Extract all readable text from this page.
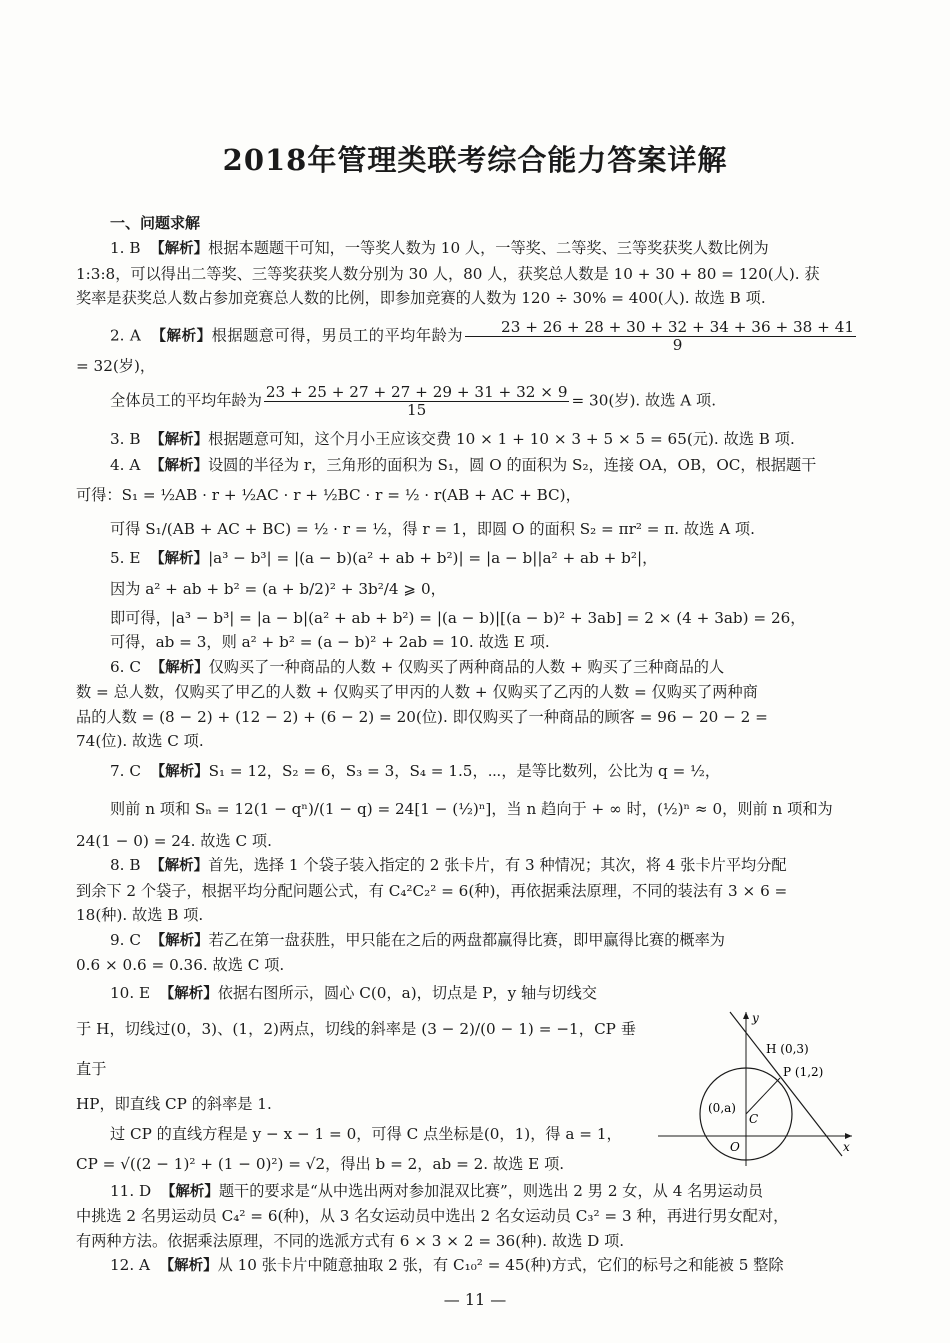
2018年管理类联考综合能力答案详解
一、问题求解

1. B 【解析】根据本题题干可知，一等奖人数为 10 人，一等奖、二等奖、三等奖获奖人数比例为

1:3:8，可以得出二等奖、三等奖获奖人数分别为 30 人，80 人，获奖总人数是 10 + 30 + 80 = 120(人). 获

奖率是获奖总人数占参加竞赛总人数的比例，即参加竞赛的人数为 120 ÷ 30% = 400(人). 故选 B 项.

2. A 【解析】根据题意可得，男员工的平均年龄为 $\frac{23 + 26 + 28 + 30 + 32 + 34 + 36 + 38 + 41}{9}$
= 32(岁)，

全体员工的平均年龄为 $\frac{23 + 25 + 27 + 27 + 29 + 31 + 32 \times 9}{15} = 30$(岁). 故选 A 项.

3. B 【解析】根据题意可知，这个月小王应该交费 10 × 1 + 10 × 3 + 5 × 5 = 65(元). 故选 B 项.

4. A 【解析】设圆的半径为 r，三角形的面积为 S₁，圆 O 的面积为 S₂，连接 OA，OB，OC，根据题干

可得：S₁ = ½AB · r + ½AC · r + ½BC · r = ½ · r(AB + AC + BC)，

可得 S₁/(AB + AC + BC) = ½ · r = ½，得 r = 1，即圆 O 的面积 S₂ = πr² = π. 故选 A 项.

5. E 【解析】|a³ − b³| = |(a − b)(a² + ab + b²)| = |a − b||a² + ab + b²|，

因为 a² + ab + b² = (a + b/2)² + 3b²/4 ⩾ 0，

即可得，|a³ − b³| = |a − b|(a² + ab + b²) = |(a − b)|[(a − b)² + 3ab] = 2 × (4 + 3ab) = 26，

可得，ab = 3，则 a² + b² = (a − b)² + 2ab = 10. 故选 E 项.

6. C 【解析】仅购买了一种商品的人数 + 仅购买了两种商品的人数 + 购买了三种商品的人

数 = 总人数，仅购买了甲乙的人数 + 仅购买了甲丙的人数 + 仅购买了乙丙的人数 = 仅购买了两种商

品的人数 = (8 − 2) + (12 − 2) + (6 − 2) = 20(位). 即仅购买了一种商品的顾客 = 96 − 20 − 2 =

74(位). 故选 C 项.

7. C 【解析】S₁ = 12，S₂ = 6，S₃ = 3，S₄ = 1.5，⋯，是等比数列，公比为 q = ½，

则前 n 项和 Sₙ = 12(1 − qⁿ)/(1 − q) = 24[1 − (½)ⁿ]，当 n 趋向于 + ∞ 时，(½)ⁿ ≈ 0，则前 n 项和为

24(1 − 0) = 24. 故选 C 项.

8. B 【解析】首先，选择 1 个袋子装入指定的 2 张卡片，有 3 种情况；其次，将 4 张卡片平均分配

到余下 2 个袋子，根据平均分配问题公式，有 C₄²C₂² = 6(种)，再依据乘法原理，不同的装法有 3 × 6 =

18(种). 故选 B 项.

9. C 【解析】若乙在第一盘获胜，甲只能在之后的两盘都赢得比赛，即甲赢得比赛的概率为

0.6 × 0.6 = 0.36. 故选 C 项.

10. E 【解析】依据右图所示，圆心 C(0，a)，切点是 P，y 轴与切线交

于 H，切线过(0，3)、(1，2)两点，切线的斜率是 (3 − 2)/(0 − 1) = −1，CP 垂直于

HP，即直线 CP 的斜率是 1.

过 CP 的直线方程是 y − x − 1 = 0，可得 C 点坐标是(0，1)，得 a = 1，

CP = √((2 − 1)² + (1 − 0)²) = √2，得出 b = 2，ab = 2. 故选 E 项.

11. D 【解析】题干的要求是“从中选出两对参加混双比赛”，则选出 2 男 2 女，从 4 名男运动员

中挑选 2 名男运动员 C₄² = 6(种)，从 3 名女运动员中选出 2 名女运动员 C₃² = 3 种，再进行男女配对，

有两种方法。依据乘法原理，不同的选派方式有 6 × 3 × 2 = 36(种). 故选 D 项.

12. A 【解析】从 10 张卡片中随意抽取 2 张，有 C₁₀² = 45(种)方式，它们的标号之和能被 5 整除

y
x
O
H (0,3)
P (1,2)
C
(0,a)
— 11 —
